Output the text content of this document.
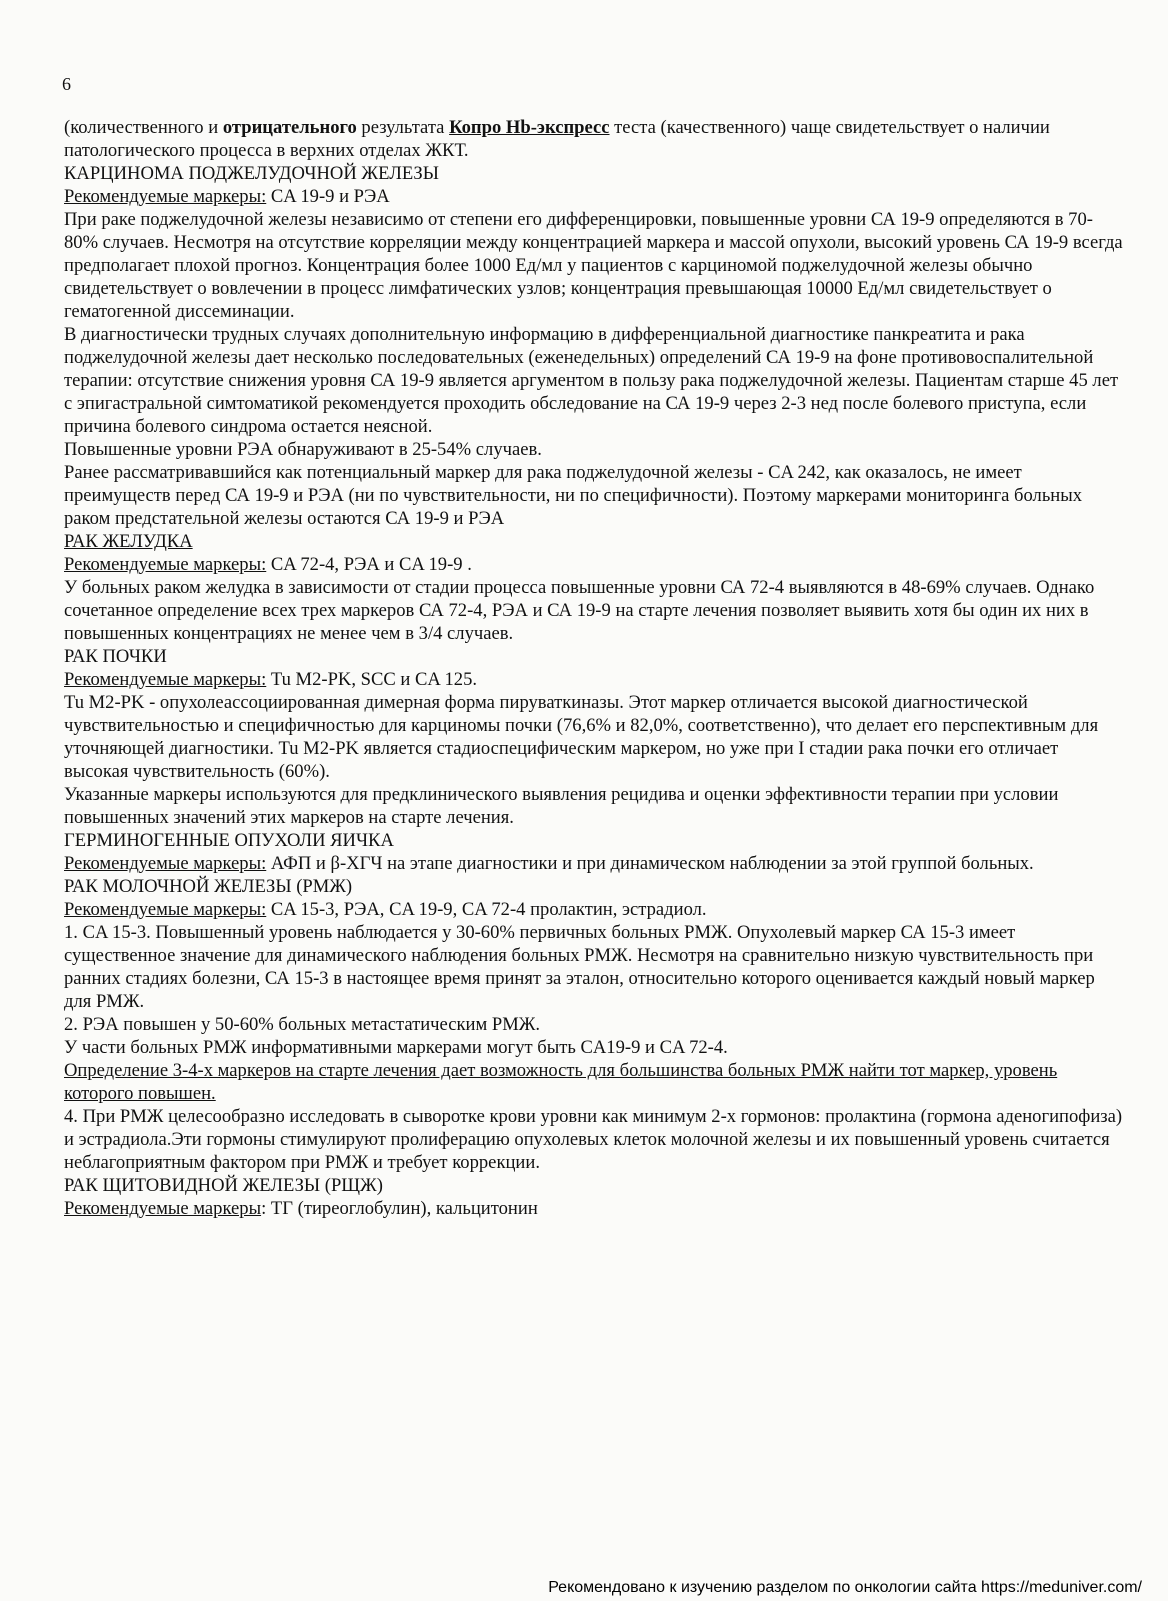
6

(количественного и отрицательного результата Копро Hb-экспресс теста (качественного) чаще свидетельствует о наличии патологического процесса в верхних отделах ЖКТ.

КАРЦИНОМА ПОДЖЕЛУДОЧНОЙ ЖЕЛЕЗЫ

Рекомендуемые маркеры: CA 19-9 и РЭА

При раке поджелудочной железы независимо от степени его дифференцировки, повышенные уровни СА 19-9 определяются в 70-80% случаев. Несмотря на отсутствие корреляции между концентрацией маркера и массой опухоли, высокий уровень СА 19-9 всегда предполагает плохой прогноз. Концентрация более 1000 Ед/мл у пациентов с карциномой поджелудочной железы обычно свидетельствует о вовлечении в процесс лимфатических узлов; концентрация превышающая 10000 Ед/мл свидетельствует о гематогенной диссеминации.

В диагностически трудных случаях дополнительную информацию в дифференциальной диагностике панкреатита и рака поджелудочной железы дает несколько последовательных (еженедельных) определений СА 19-9 на фоне противовоспалительной терапии: отсутствие снижения уровня СА 19-9 является аргументом в пользу рака поджелудочной железы. Пациентам старше 45 лет с эпигастральной симтоматикой рекомендуется проходить обследование на СА 19-9 через 2-3 нед после болевого приступа, если причина болевого синдрома остается неясной.

Повышенные уровни РЭА обнаруживают в 25-54% случаев.

Ранее рассматривавшийся как потенциальный маркер для рака поджелудочной железы - CA 242, как оказалось, не имеет преимуществ перед СА 19-9 и РЭА (ни по чувствительности, ни по специфичности). Поэтому маркерами мониторинга больных раком предстательной железы остаются СА 19-9 и РЭА

РАК ЖЕЛУДКА

Рекомендуемые маркеры: CA 72-4, РЭА и CA 19-9 .

У больных раком желудка в зависимости от стадии процесса повышенные уровни СА 72-4 выявляются в 48-69% случаев. Однако сочетанное определение всех трех маркеров СА 72-4, РЭА и СА 19-9 на старте лечения позволяет выявить хотя бы один их них в повышенных концентрациях не менее чем в 3/4 случаев.

РАК ПОЧКИ

Рекомендуемые маркеры: Tu M2-PK, SCC и CA 125.

Tu M2-PK - опухолеассоциированная димерная форма пируваткиназы. Этот маркер отличается высокой диагностической чувствительностью и специфичностью для карциномы почки (76,6% и 82,0%, соответственно), что делает его перспективным для уточняющей диагностики. Tu M2-PK является стадиоспецифическим маркером, но уже при I стадии рака почки его отличает высокая чувствительность (60%).

Указанные маркеры используются для предклинического выявления рецидива и оценки эффективности терапии при условии повышенных значений этих маркеров на старте лечения.

ГЕРМИНОГЕННЫЕ ОПУХОЛИ ЯИЧКА

Рекомендуемые маркеры: АФП и β-ХГЧ на этапе диагностики и при динамическом наблюдении за этой группой больных.

РАК МОЛОЧНОЙ ЖЕЛЕЗЫ (РМЖ)

Рекомендуемые маркеры: CA 15-3, РЭА, CA 19-9, CA 72-4 пролактин, эстрадиол.

1. CA 15-3. Повышенный уровень наблюдается у 30-60% первичных больных РМЖ. Опухолевый маркер СА 15-3 имеет существенное значение для динамического наблюдения больных РМЖ. Несмотря на сравнительно низкую чувствительность при ранних стадиях болезни, СА 15-3 в настоящее время принят за эталон, относительно которого оценивается каждый новый маркер для РМЖ.

2. РЭА повышен у 50-60% больных метастатическим РМЖ.

У части больных РМЖ информативными маркерами могут быть CA19-9 и CA 72-4.

Определение 3-4-х маркеров на старте лечения дает возможность для большинства больных РМЖ найти тот маркер, уровень которого повышен.

4. При РМЖ целесообразно исследовать в сыворотке крови уровни как минимум 2-х гормонов: пролактина (гормона аденогипофиза) и эстрадиола.Эти гормоны стимулируют пролиферацию опухолевых клеток молочной железы и их повышенный уровень считается неблагоприятным фактором при РМЖ и требует коррекции.

РАК ЩИТОВИДНОЙ ЖЕЛЕЗЫ (РЩЖ)

Рекомендуемые маркеры: ТГ (тиреоглобулин), кальцитонин

Рекомендовано к изучению разделом по онкологии сайта https://meduniver.com/
